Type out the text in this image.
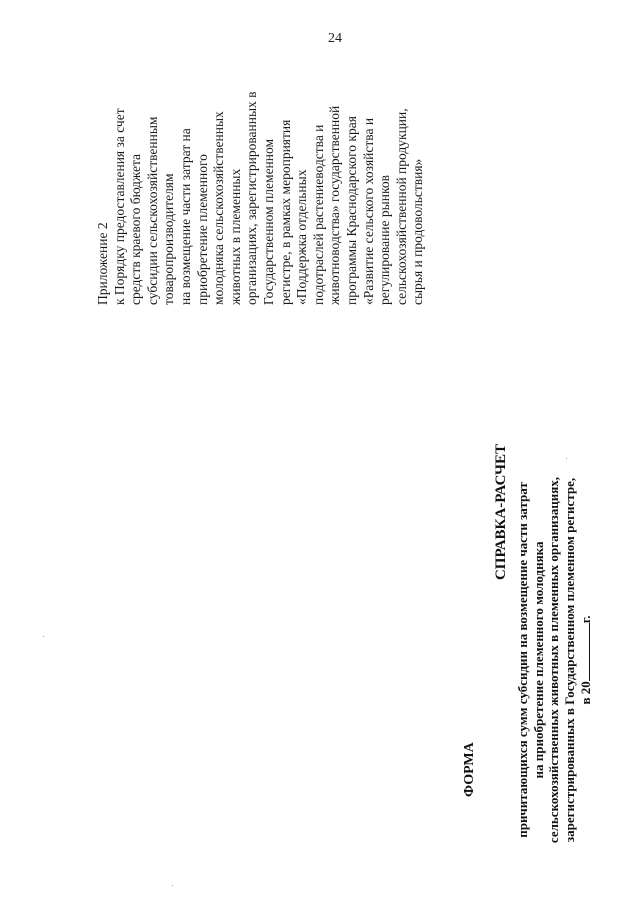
24
Приложение 2 к Порядку предоставления за счет средств краевого бюджета субсидии сельскохозяйственным товаропроизводителям на возмещение части затрат на приобретение племенного молодняка сельскохозяйственных животных в племенных организациях, зарегистрированных в Государственном племенном регистре, в рамках мероприятия «Поддержка отдельных подотраслей растениеводства и животноводства» государственной программы Краснодарского края «Развитие сельского хозяйства и регулирование рынков сельскохозяйственной продукции, сырья и продовольствия»
СПРАВКА-РАСЧЕТ причитающихся сумм субсидии на возмещение части затрат на приобретение племенного молодняка сельскохозяйственных животных в племенных организациях, зарегистрированных в Государственном племенном регистре, в 20г.
ФОРМА
